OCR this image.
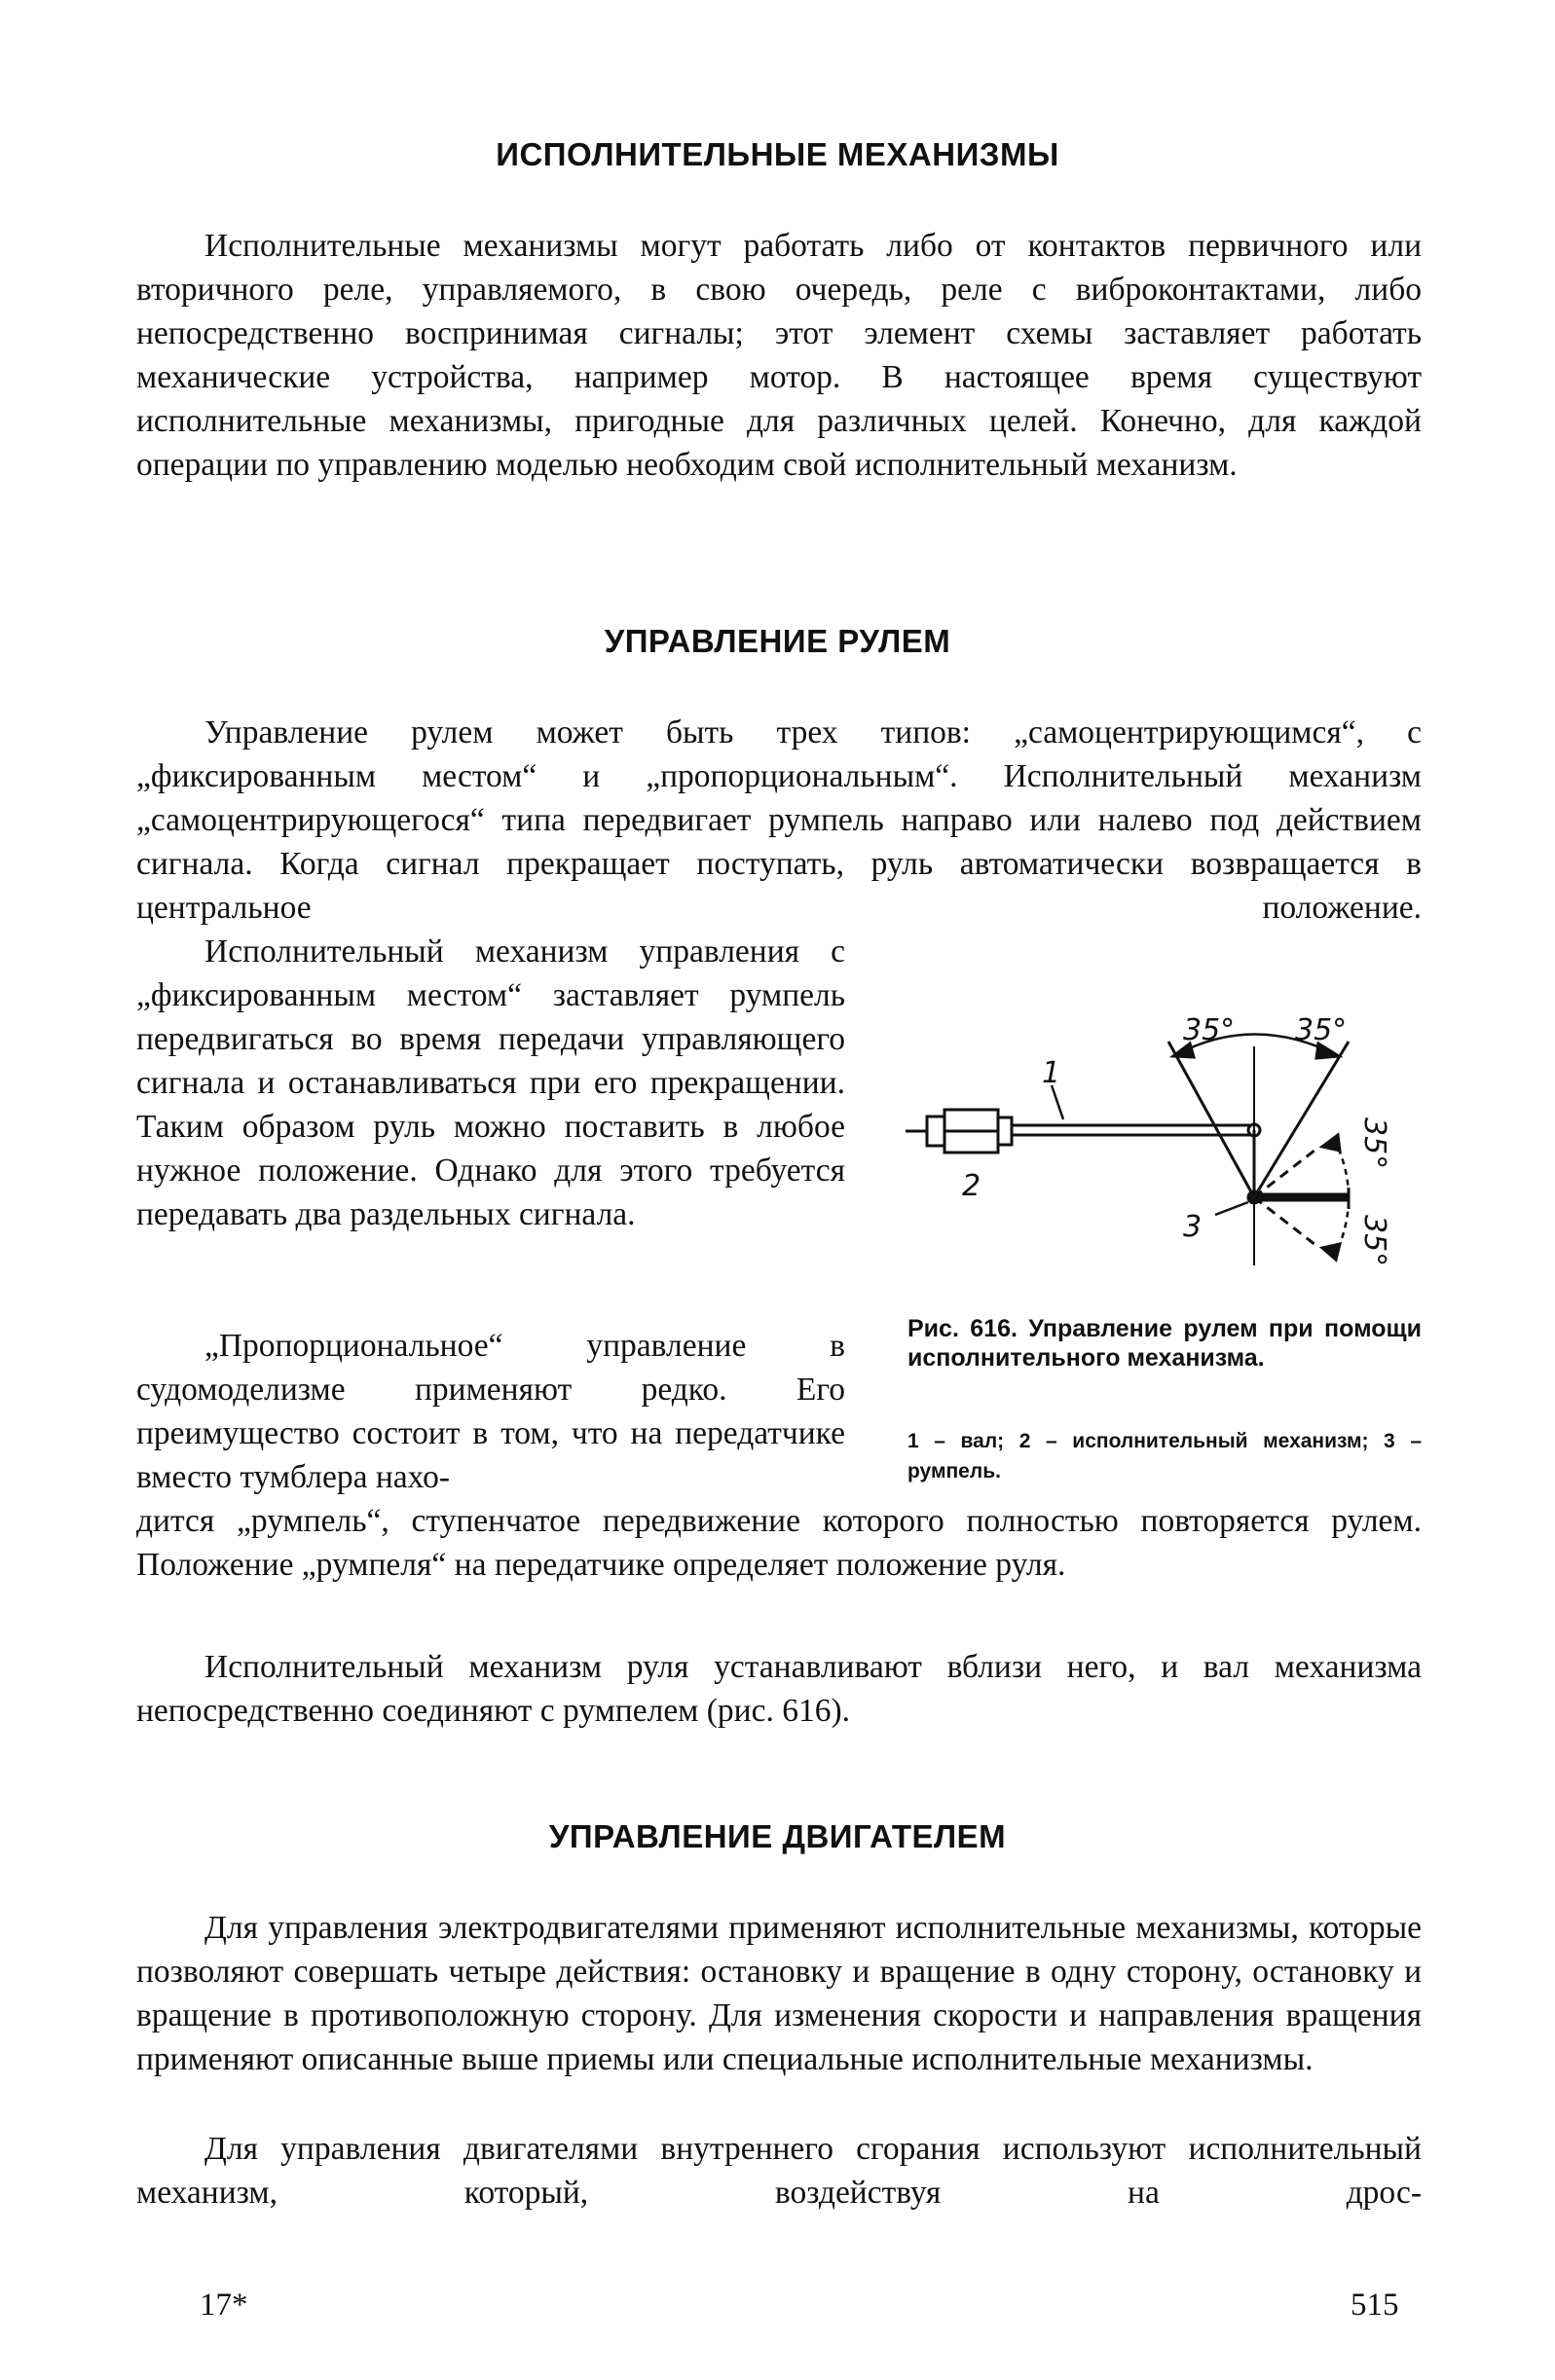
ИСПОЛНИТЕЛЬНЫЕ МЕХАНИЗМЫ

Исполнительные механизмы могут работать либо от контактов первичного или вторичного реле, управляемого, в свою очередь, реле с виброконтактами, либо непосредственно воспринимая сигналы; этот элемент схемы заставляет работать механические устройства, например мотор. В настоящее время существуют исполнительные механизмы, пригодные для различных целей. Конечно, для каждой операции по управлению моделью необходим свой исполнительный механизм.

УПРАВЛЕНИЕ РУЛЕМ

Управление рулем может быть трех типов: „самоцентрирующимся“, с „фиксированным местом“ и „пропорциональным“. Исполнительный механизм „самоцентрирующегося“ типа передвигает румпель направо или налево под действием сигнала. Когда сигнал прекращает поступать, руль автоматически возвращается в центральное положение.

Исполнительный механизм управления с „фиксированным местом“ заставляет румпель передвигаться во время передачи управляющего сигнала и останавливаться при его прекращении. Таким образом руль можно поставить в любое нужное положение. Однако для этого требуется передавать два раздельных сигнала.

„Пропорциональное“ управление в судомоделизме применяют редко. Его преимущество состоит в том, что на передатчике вместо тумблера нахо-

дится „румпель“, ступенчатое передвижение которого полностью повторяется рулем. Положение „румпеля“ на передатчике определяет положение руля.

Исполнительный механизм руля устанавливают вблизи него, и вал механизма непосредственно соединяют с румпелем (рис. 616).

1
2
3
35° 35°
35°
35°

Рис. 616. Управление рулем при помощи исполнительного механизма.

1 – вал; 2 – исполнительный механизм; 3 – румпель.

УПРАВЛЕНИЕ ДВИГАТЕЛЕМ

Для управления электродвигателями применяют исполнительные механизмы, которые позволяют совершать четыре действия: остановку и вращение в одну сторону, остановку и вращение в противоположную сторону. Для изменения скорости и направления вращения применяют описанные выше приемы или специальные исполнительные механизмы.

Для управления двигателями внутреннего сгорания используют исполнительный механизм, который, воздействуя на дрос-

17*	515
